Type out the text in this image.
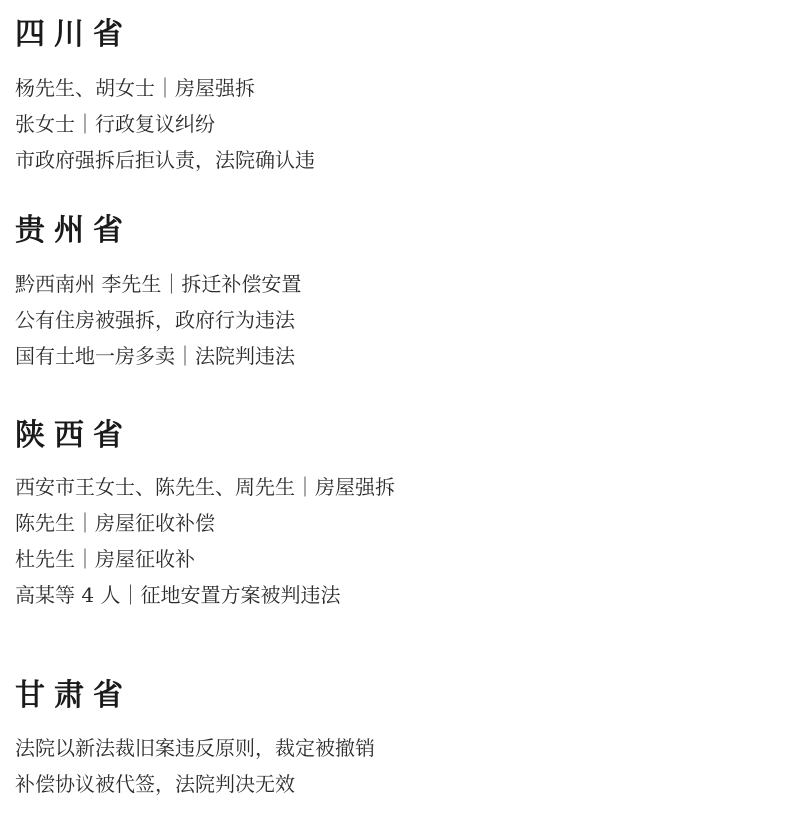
四川省
杨先生、胡女士｜房屋强拆
张女士｜行政复议纠纷
市政府强拆后拒认责，法院确认违
贵州省
黔西南州 李先生｜拆迁补偿安置
公有住房被强拆，政府行为违法
国有土地一房多卖｜法院判违法
陕西省
西安市王女士、陈先生、周先生｜房屋强拆
陈先生｜房屋征收补偿
杜先生｜房屋征收补
高某等 4 人｜征地安置方案被判违法
甘肃省
法院以新法裁旧案违反原则，裁定被撤销
补偿协议被代签，法院判决无效
